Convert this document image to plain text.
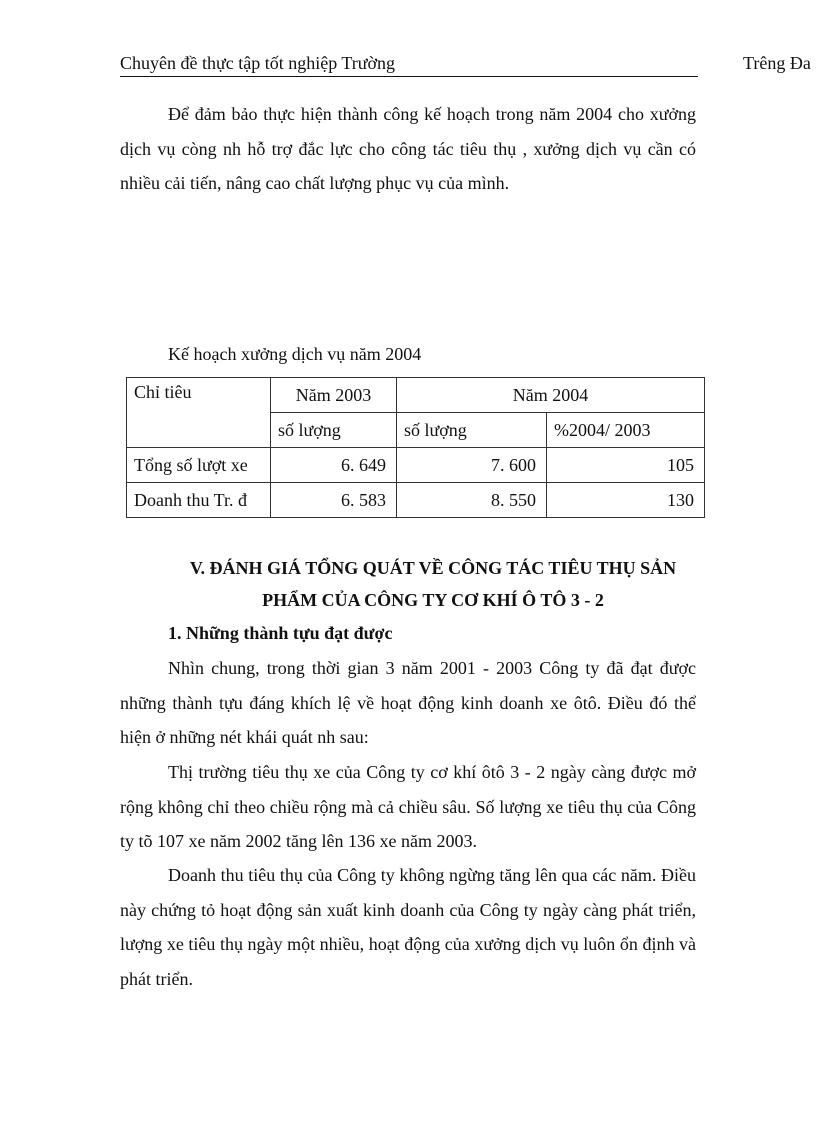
Chuyên đề thực tập tốt nghiệp Trường	Trêng Đa

Để đảm bảo thực hiện thành công kế hoạch trong năm 2004 cho xưởng dịch vụ còng nh hỗ trợ đắc lực cho công tác tiêu thụ , xưởng dịch vụ cần có nhiều cải tiến, nâng cao chất lượng phục vụ của mình.

Kế hoạch xưởng dịch vụ năm 2004
Chỉ tiêu	Năm 2003	Năm 2004	
	số lượng	số lượng	%2004/ 2003
Tổng số lượt xe	6. 649	7. 600	105
Doanh thu Tr. đ	6. 583	8. 550	130
V. ĐÁNH GIÁ TỔNG QUÁT VỀ CÔNG TÁC TIÊU THỤ SẢN
PHẨM CỦA CÔNG TY CƠ KHÍ Ô TÔ 3 - 2
1. Những thành tựu đạt được

Nhìn chung, trong thời gian 3 năm 2001 - 2003 Công ty đã đạt được những thành tựu đáng khích lệ về hoạt động kinh doanh xe ôtô. Điều đó thể hiện ở những nét khái quát nh sau:

Thị trường tiêu thụ xe của Công ty cơ khí ôtô 3 - 2 ngày càng được mở rộng không chỉ theo chiều rộng mà cả chiều sâu. Số lượng xe tiêu thụ của Công ty tõ 107 xe năm 2002 tăng lên 136 xe năm 2003.

Doanh thu tiêu thụ của Công ty không ngừng tăng lên qua các năm. Điều này chứng tỏ hoạt động sản xuất kinh doanh của Công ty ngày càng phát triển, lượng xe tiêu thụ ngày một nhiều, hoạt động của xưởng dịch vụ luôn ổn định và phát triển.
